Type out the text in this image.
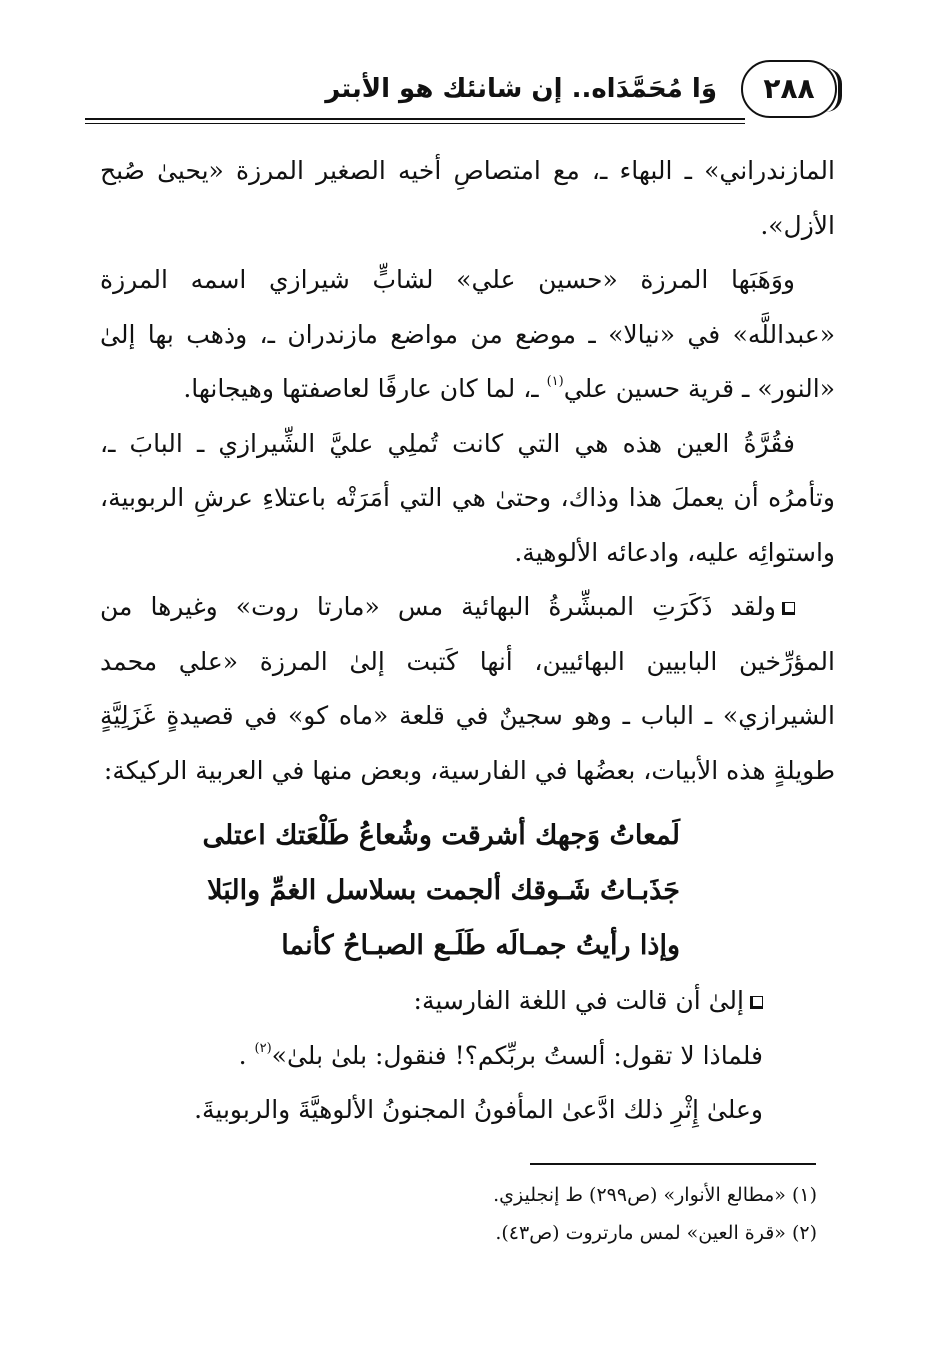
وَا مُحَمَّدَاه.. إن شانئك هو الأبتر	٢٨٨

المازندراني» ـ البهاء ـ، مع امتصاصِ أخيه الصغير المرزة «يحيىٰ صُبح الأزل».

ووَهَبَها المرزة «حسين علي» لشابٍّ شيرازي اسمه المرزة «عبداللَّه» في «نيالا» ـ موضع من مواضع مازندران ـ، وذهب بها إلىٰ «النور» ـ قرية حسين علي$^{(١)}$ ـ، لما كان عارفًا لعاصفتها وهيجانها.

فقُرَّةُ العين هذه هي التي كانت تُملِي عليَّ الشِّيرازي ـ البابَ ـ، وتأمرُه أن يعملَ هذا وذاك، وحتىٰ هي التي أمَرَتْه باعتلاءِ عرشِ الربوبية، واستوائِه عليه، وادعائه الألوهية.

ولقد ذَكَرَتِ المبشِّرةُ البهائية مس «مارتا روت» وغيرها من المؤرِّخين البابيين البهائيين، أنها كَتبت إلىٰ المرزة «علي محمد الشيرازي» ـ الباب ـ وهو سجينٌ في قلعة «ماه كو» في قصيدةٍ غَزَلِيَّةٍ طويلةٍ هذه الأبيات، بعضُها في الفارسية، وبعض منها في العربية الركيكة:

لَمعاتُ وَجهك أشرقت وشُعاعُ طَلْعَتك اعتلى
جَذَبـاتُ شَـوقك ألجمت بسلاسل الغمِّ والبَلا
وإذا رأيتُ جمـالَه طَلَـع الصبـاحُ كأنما

إلىٰ أن قالت في اللغة الفارسية:

فلماذا لا تقول: ألستُ بربِّكم؟! فنقول: بلىٰ بلىٰ»$^{(٢)}$ .

وعلىٰ إِثْرِ ذلك ادَّعىٰ المأفونُ المجنونُ الألوهيَّةَ والربوبيةَ.

(١) «مطالع الأنوار» (ص٢٩٩) ط إنجليزي.

(٢) «قرة العين» لمس مارتروت (ص٤٣).
